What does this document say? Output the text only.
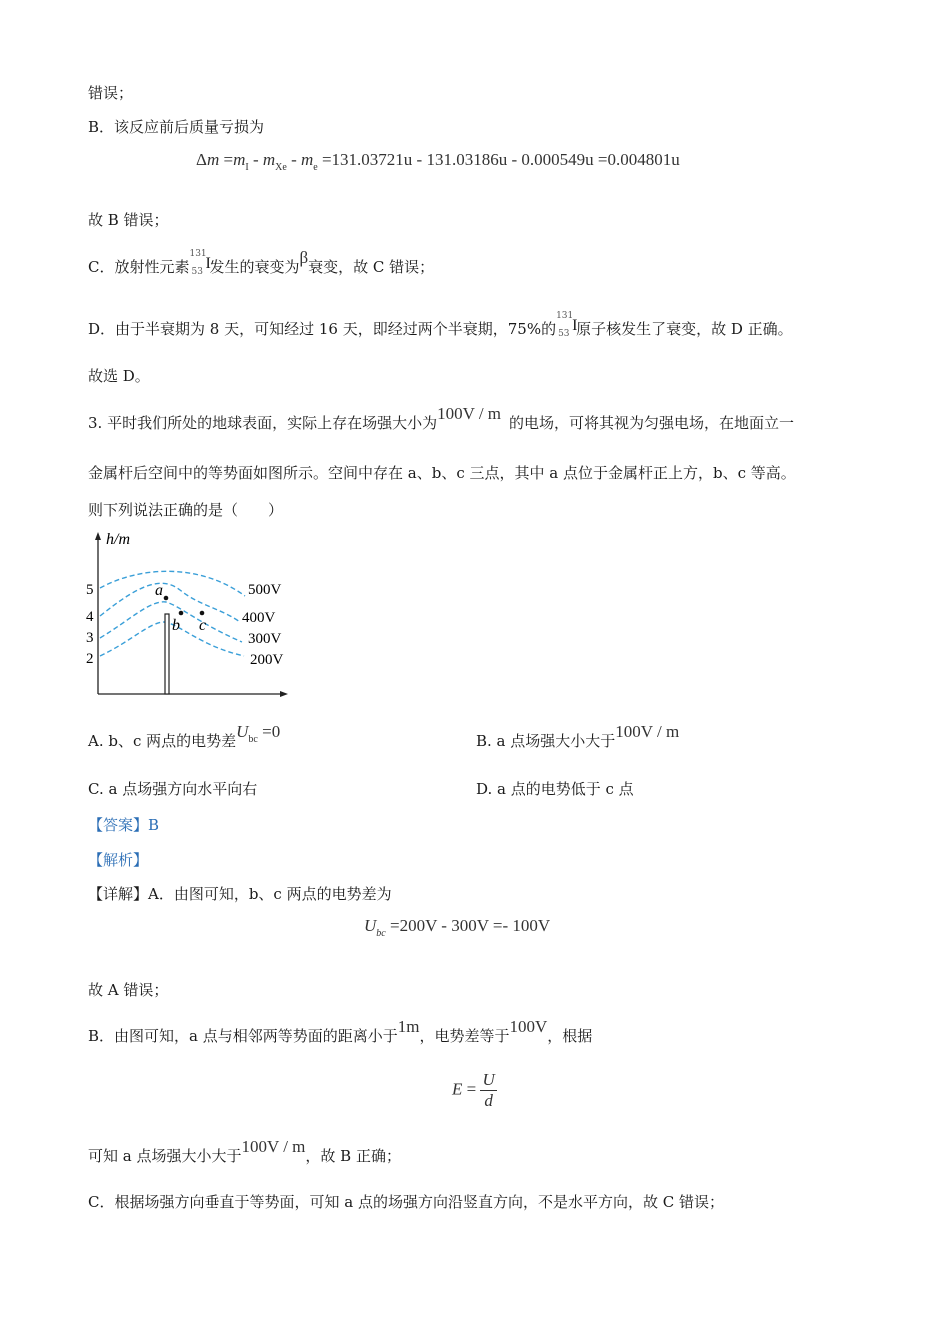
错误；
B．该反应前后质量亏损为
$\Delta m =m_I - m_{Xe} - m_e =131.03721u - 131.03186u - 0.000549u =0.004801u$
故 B 错误；
C．放射性元素
131
53 I
发生的衰变为β衰变，故 C 错误；
D．由于半衰期为 8 天，可知经过 16 天，即经过两个半衰期，75%的
131
53 I
原子核发生了衰变，故 D 正确。
故选 D。
3. 平时我们所处的地球表面，实际上存在场强大小为100V / m 的电场，可将其视为匀强电场，在地面立一
金属杆后空间中的等势面如图所示。空间中存在 a、b、c 三点，其中 a 点位于金属杆正上方，b、c 等高。
则下列说法正确的是（　　）
h/m
5
4
3
2
a
b c
500V
400V
300V
200V
A. b、c 两点的电势差$U_{bc} =0$	B. a 点场强大小大于100V / m
C. a 点场强方向水平向右	D. a 点的电势低于 c 点
【答案】B
【解析】
【详解】A．由图可知，b、c 两点的电势差为
$U_{bc} =200V - 300V =- 100V$
故 A 错误；
B．由图可知，a 点与相邻两等势面的距离小于1m，电势差等于100V，根据
$E = \frac{U}{d}$
可知 a 点场强大小大于100V / m，故 B 正确；
C．根据场强方向垂直于等势面，可知 a 点的场强方向沿竖直方向，不是水平方向，故 C 错误；
